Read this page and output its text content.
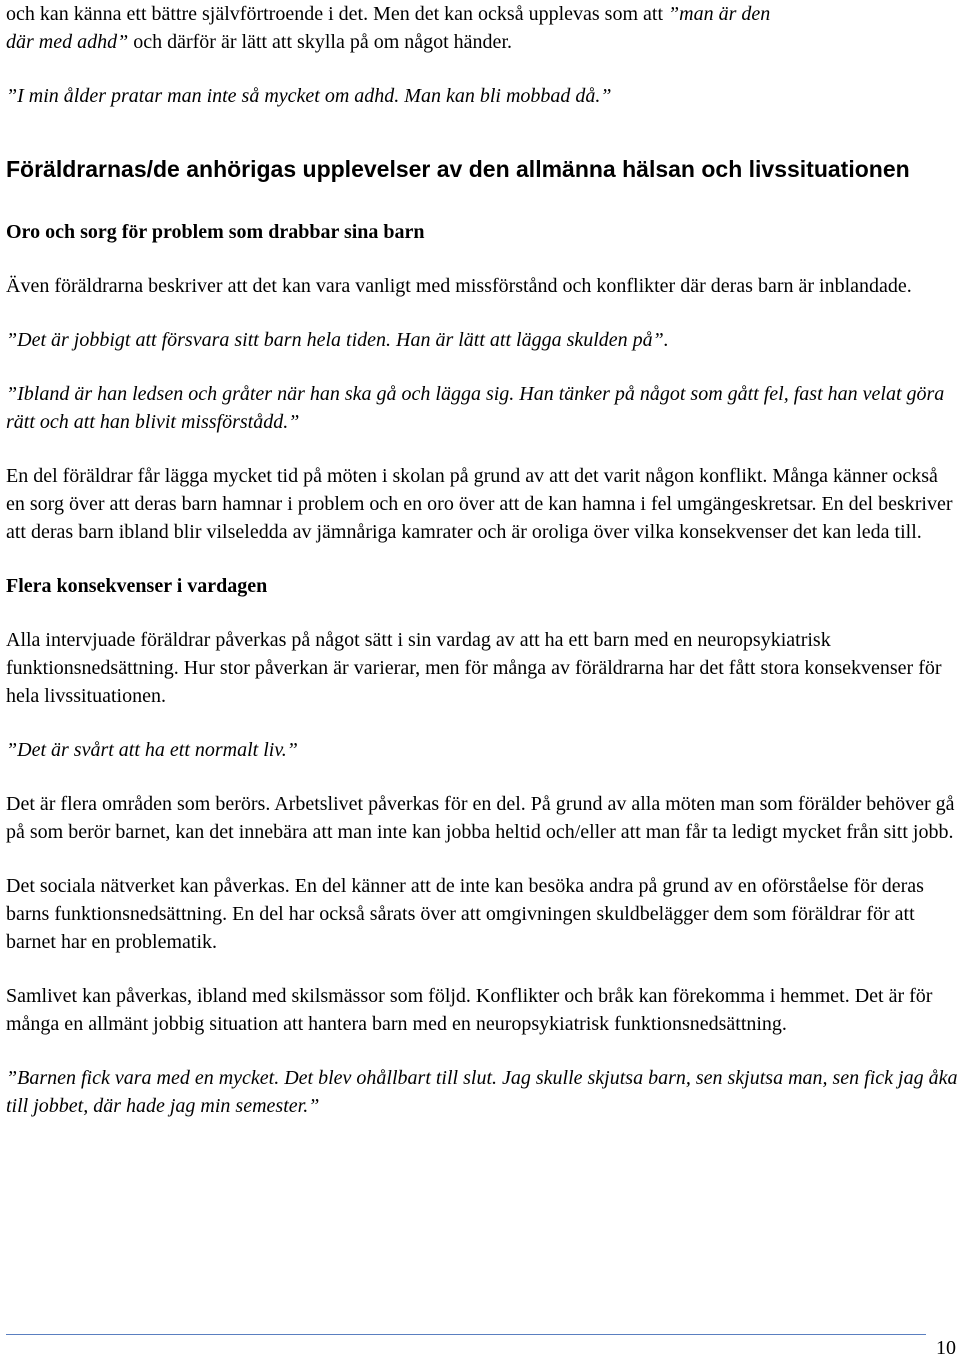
och kan känna ett bättre självförtroende i det. Men det kan också upplevas som att ”man är den
där med adhd” och därför är lätt att skylla på om något händer.

”I min ålder pratar man inte så mycket om adhd. Man kan bli mobbad då.”

Föräldrarnas/de anhörigas upplevelser av den allmänna hälsan och livssituationen
Oro och sorg för problem som drabbar sina barn

Även föräldrarna beskriver att det kan vara vanligt med missförstånd och konflikter där deras barn är inblandade.

”Det är jobbigt att försvara sitt barn hela tiden. Han är lätt att lägga skulden på”.

”Ibland är han ledsen och gråter när han ska gå och lägga sig. Han tänker på något som gått fel, fast han velat göra rätt och att han blivit missförstådd.”

En del föräldrar får lägga mycket tid på möten i skolan på grund av att det varit någon konflikt. Många känner också en sorg över att deras barn hamnar i problem och en oro över att de kan hamna i fel umgängeskretsar. En del beskriver att deras barn ibland blir vilseledda av jämnåriga kamrater och är oroliga över vilka konsekvenser det kan leda till.

Flera konsekvenser i vardagen

Alla intervjuade föräldrar påverkas på något sätt i sin vardag av att ha ett barn med en neuropsykiatrisk funktionsnedsättning. Hur stor påverkan är varierar, men för många av föräldrarna har det fått stora konsekvenser för hela livssituationen.

”Det är svårt att ha ett normalt liv.”

Det är flera områden som berörs. Arbetslivet påverkas för en del. På grund av alla möten man som förälder behöver gå på som berör barnet, kan det innebära att man inte kan jobba heltid och/eller att man får ta ledigt mycket från sitt jobb.

Det sociala nätverket kan påverkas. En del känner att de inte kan besöka andra på grund av en oförståelse för deras barns funktionsnedsättning. En del har också sårats över att omgivningen skuldbelägger dem som föräldrar för att barnet har en problematik.

Samlivet kan påverkas, ibland med skilsmässor som följd. Konflikter och bråk kan förekomma i hemmet. Det är för många en allmänt jobbig situation att hantera barn med en neuropsykiatrisk funktionsnedsättning.

”Barnen fick vara med en mycket. Det blev ohållbart till slut. Jag skulle skjutsa barn, sen skjutsa man, sen fick jag åka till jobbet, där hade jag min semester.”

10
